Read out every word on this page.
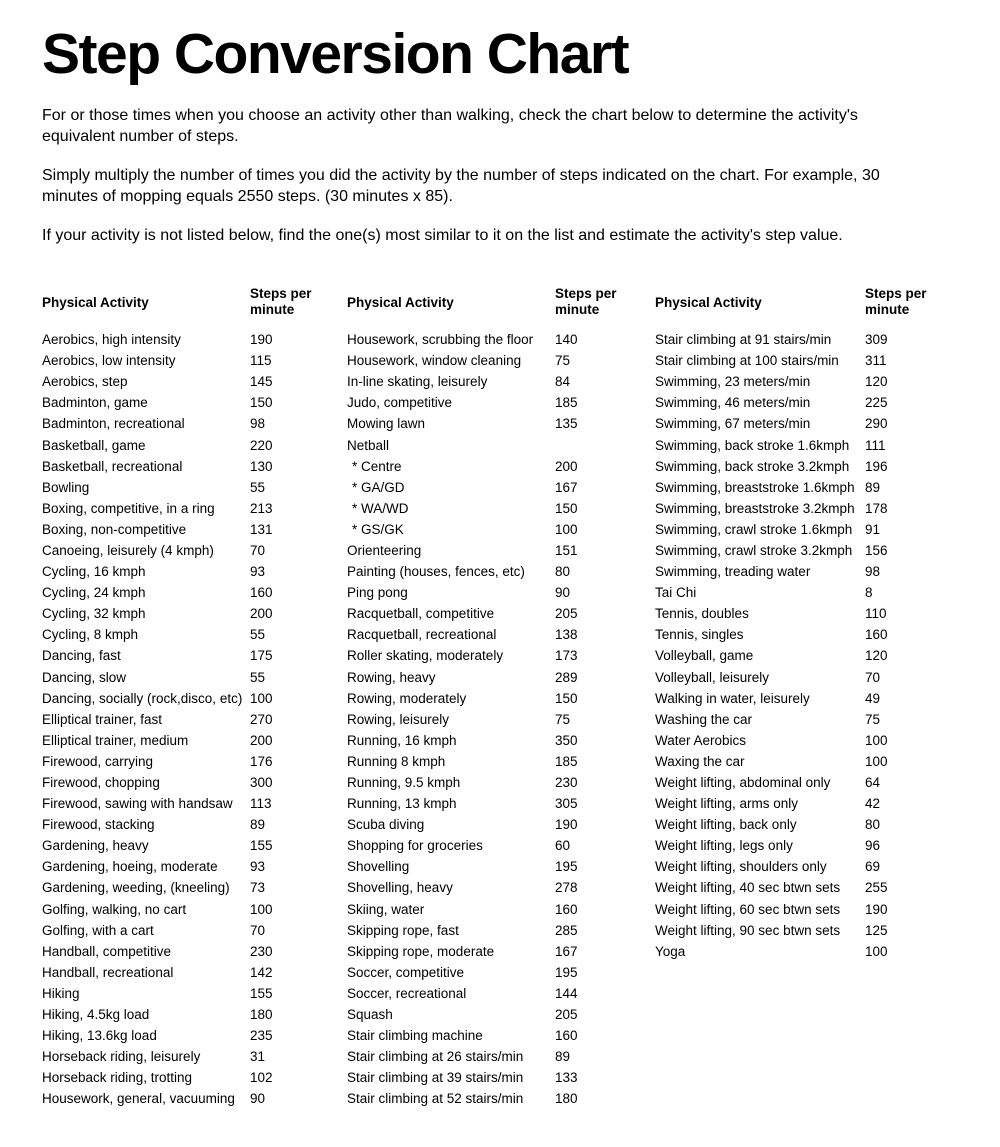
Step Conversion Chart

For or those times when you choose an activity other than walking, check the chart below to determine the activity's equivalent number of steps.

Simply multiply the number of times you did the activity by the number of steps indicated on the chart. For example, 30 minutes of mopping equals 2550 steps. (30 minutes x 85).

If your activity is not listed below, find the one(s) most similar to it on the list and estimate the activity's step value.

Physical Activity
Steps per minute
Aerobics, high intensity	190
Aerobics, low intensity	115
Aerobics, step	145
Badminton, game	150
Badminton, recreational	98
Basketball, game	220
Basketball, recreational	130
Bowling	55
Boxing, competitive, in a ring	213
Boxing, non-competitive	131
Canoeing, leisurely (4 kmph)	70
Cycling, 16 kmph	93
Cycling, 24 kmph	160
Cycling, 32 kmph	200
Cycling, 8 kmph	55
Dancing, fast	175
Dancing, slow	55
Dancing, socially (rock,disco, etc) 100
Elliptical trainer, fast	270
Elliptical trainer, medium	200
Firewood, carrying	176
Firewood, chopping	300
Firewood, sawing with handsaw	113
Firewood, stacking	89
Gardening, heavy	155
Gardening, hoeing, moderate	93
Gardening, weeding, (kneeling)	73
Golfing, walking, no cart	100
Golfing, with a cart	70
Handball, competitive	230
Handball, recreational	142
Hiking	155
Hiking, 4.5kg load	180
Hiking, 13.6kg load	235
Horseback riding, leisurely	31
Horseback riding, trotting	102
Housework, general, vacuuming	90
Physical Activity
Steps per minute
Housework, scrubbing the floor	140
Housework, window cleaning	75
In-line skating, leisurely	84
Judo, competitive	185
Mowing lawn	135
Netball
* Centre	200
* GA/GD	167
* WA/WD	150
* GS/GK	100
Orienteering	151
Painting (houses, fences, etc)	80
Ping pong	90
Racquetball, competitive	205
Racquetball, recreational	138
Roller skating, moderately	173
Rowing, heavy	289
Rowing, moderately	150
Rowing, leisurely	75
Running, 16 kmph	350
Running 8 kmph	185
Running, 9.5 kmph	230
Running, 13 kmph	305
Scuba diving	190
Shopping for groceries	60
Shovelling	195
Shovelling, heavy	278
Skiing, water	160
Skipping rope, fast	285
Skipping rope, moderate	167
Soccer, competitive	195
Soccer, recreational	144
Squash	205
Stair climbing machine	160
Stair climbing at 26 stairs/min	89
Stair climbing at 39 stairs/min	133
Stair climbing at 52 stairs/min	180
Physical Activity
Steps per minute
Stair climbing at 91 stairs/min	309
Stair climbing at 100 stairs/min	311
Swimming, 23 meters/min	120
Swimming, 46 meters/min	225
Swimming, 67 meters/min	290
Swimming, back stroke 1.6kmph	111
Swimming, back stroke 3.2kmph	196
Swimming, breaststroke 1.6kmph 89
Swimming, breaststroke 3.2kmph 178
Swimming, crawl stroke 1.6kmph 91
Swimming, crawl stroke 3.2kmph 156
Swimming, treading water	98
Tai Chi	8
Tennis, doubles	110
Tennis, singles	160
Volleyball, game	120
Volleyball, leisurely	70
Walking in water, leisurely	49
Washing the car	75
Water Aerobics	100
Waxing the car	100
Weight lifting, abdominal only	64
Weight lifting, arms only	42
Weight lifting, back only	80
Weight lifting, legs only	96
Weight lifting, shoulders only	69
Weight lifting, 40 sec btwn sets	255
Weight lifting, 60 sec btwn sets	190
Weight lifting, 90 sec btwn sets	125
Yoga	100
